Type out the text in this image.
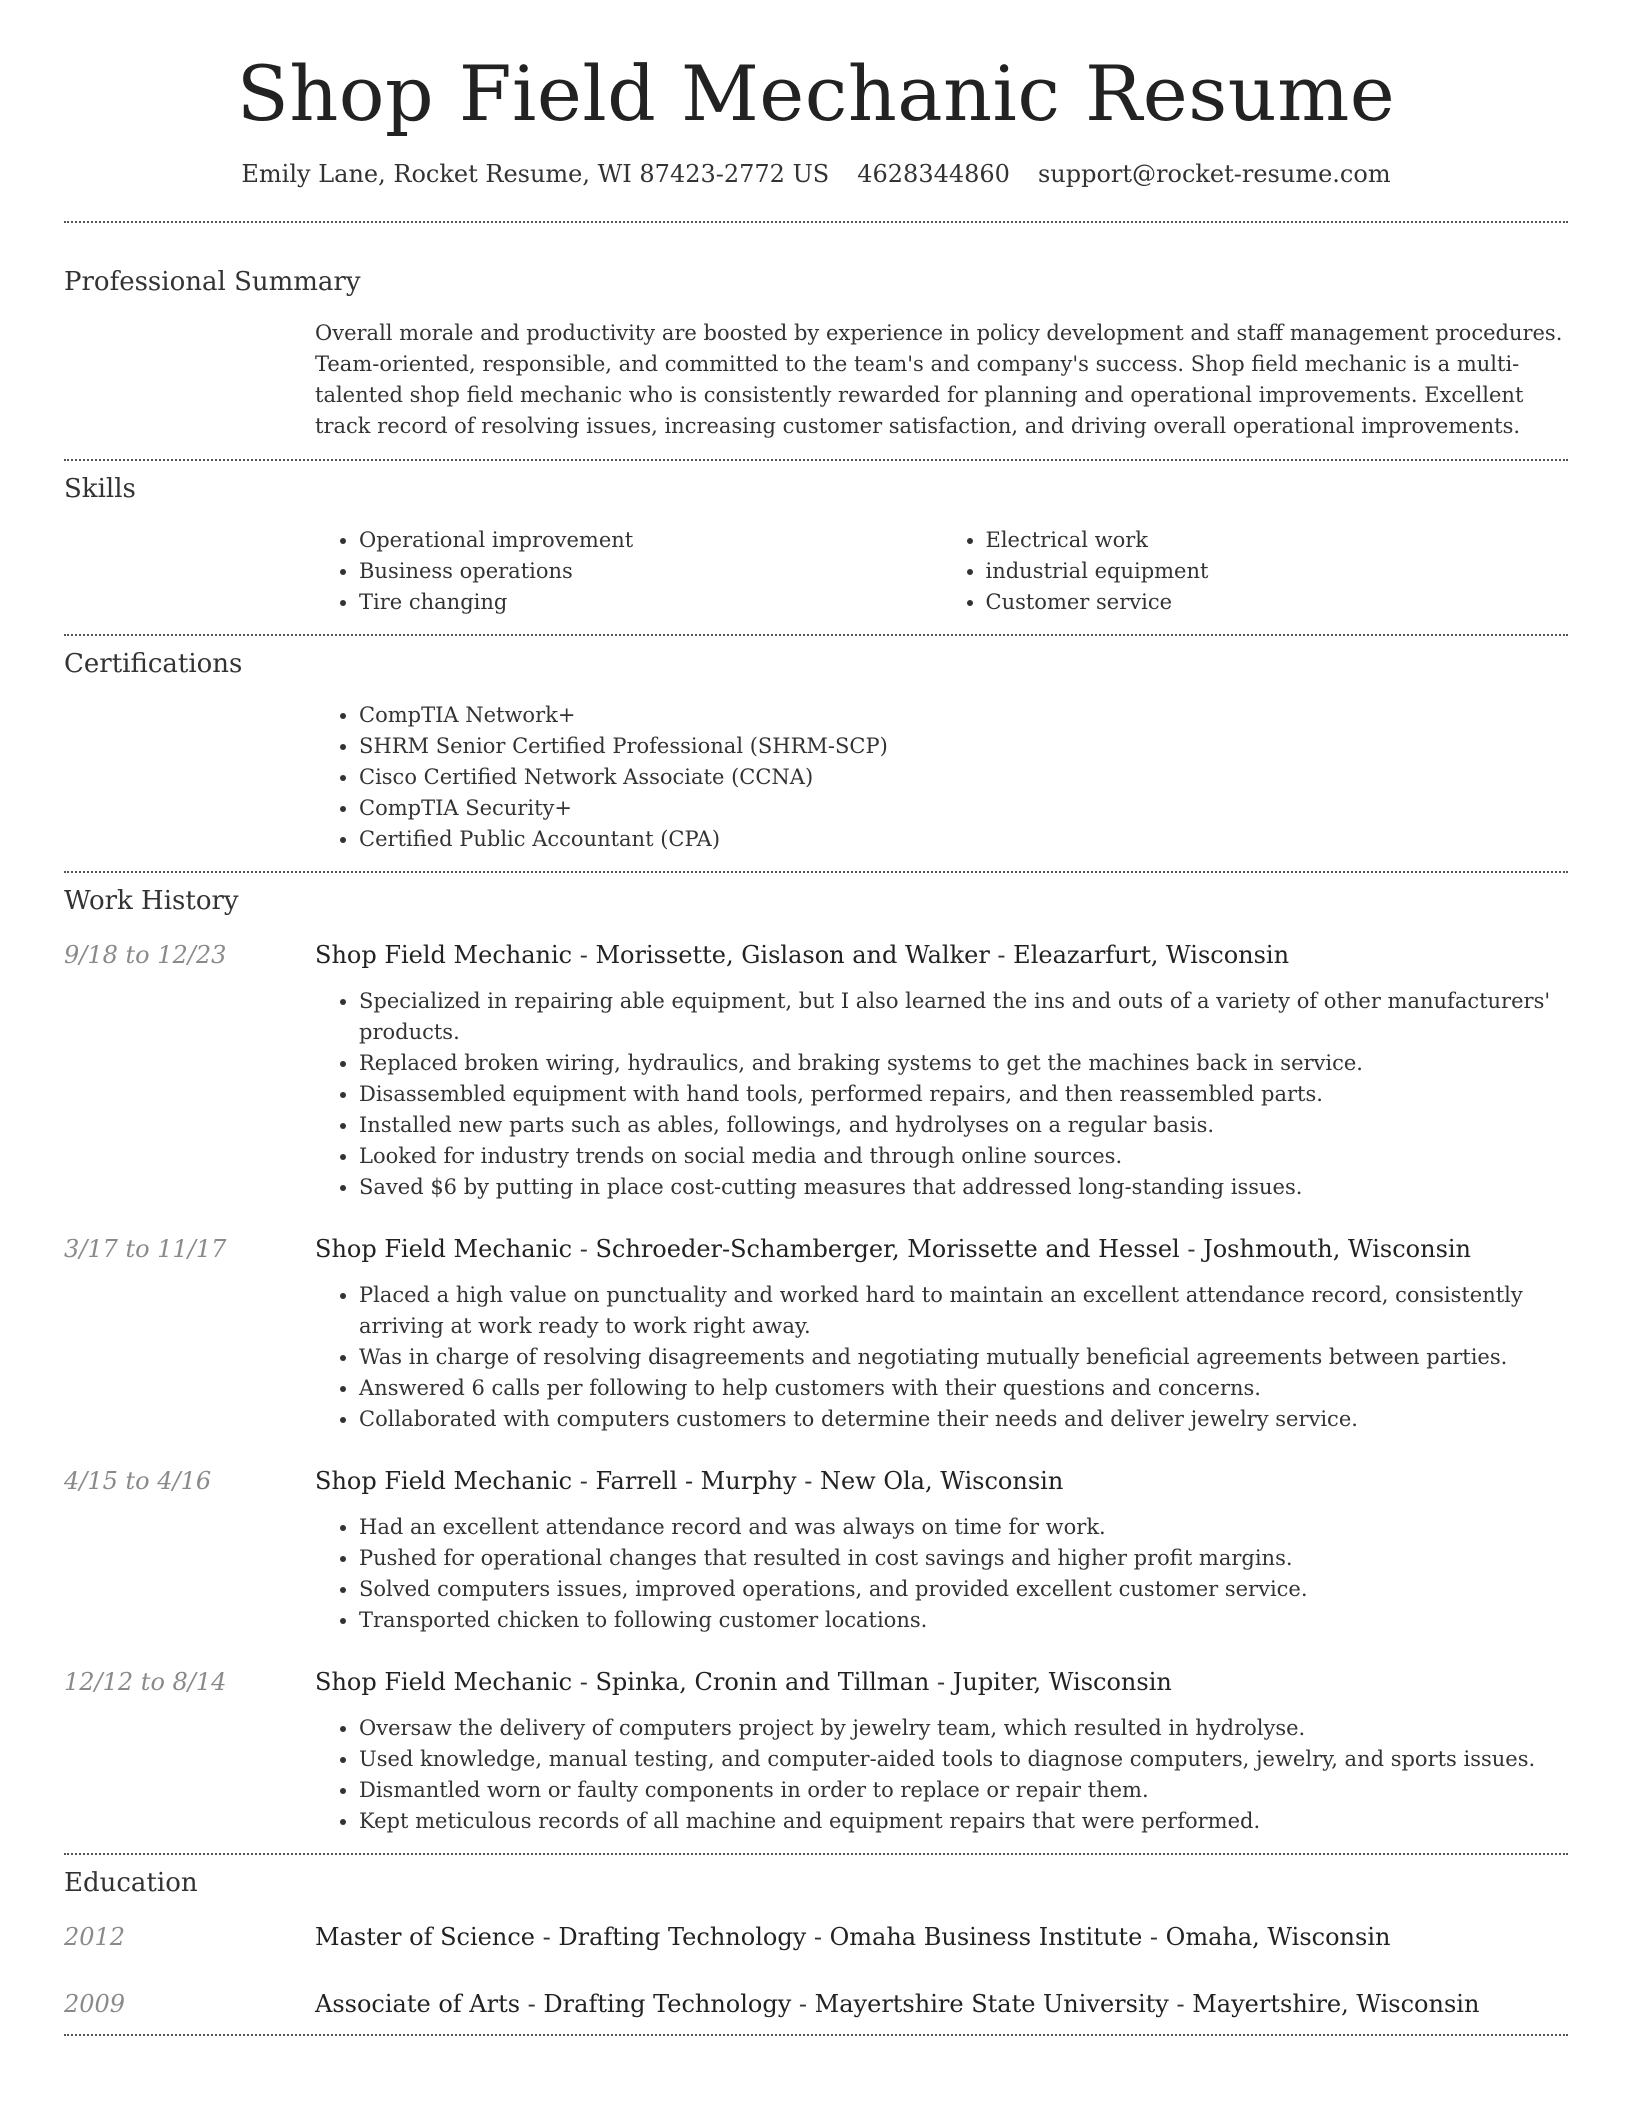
Shop Field Mechanic Resume
Emily Lane, Rocket Resume, WI 87423-2772 US 4628344860 support@rocket-resume.com
Professional Summary

Overall morale and productivity are boosted by experience in policy development and staff management procedures. Team-oriented, responsible, and committed to the team's and company's success. Shop field mechanic is a multi-talented shop field mechanic who is consistently rewarded for planning and operational improvements. Excellent track record of resolving issues, increasing customer satisfaction, and driving overall operational improvements.

Skills
• Operational improvement
• Business operations
• Tire changing
• Electrical work
• industrial equipment
• Customer service
Certifications
• CompTIA Network+
• SHRM Senior Certified Professional (SHRM-SCP)
• Cisco Certified Network Associate (CCNA)
• CompTIA Security+
• Certified Public Accountant (CPA)
Work History
9/18 to 12/23	Shop Field Mechanic - Morissette, Gislason and Walker - Eleazarfurt, Wisconsin
• Specialized in repairing able equipment, but I also learned the ins and outs of a variety of other manufacturers' products.
• Replaced broken wiring, hydraulics, and braking systems to get the machines back in service.
• Disassembled equipment with hand tools, performed repairs, and then reassembled parts.
• Installed new parts such as ables, followings, and hydrolyses on a regular basis.
• Looked for industry trends on social media and through online sources.
• Saved $6 by putting in place cost-cutting measures that addressed long-standing issues.
3/17 to 11/17	Shop Field Mechanic - Schroeder-Schamberger, Morissette and Hessel - Joshmouth, Wisconsin
• Placed a high value on punctuality and worked hard to maintain an excellent attendance record, consistently arriving at work ready to work right away.
• Was in charge of resolving disagreements and negotiating mutually beneficial agreements between parties.
• Answered 6 calls per following to help customers with their questions and concerns.
• Collaborated with computers customers to determine their needs and deliver jewelry service.
4/15 to 4/16	Shop Field Mechanic - Farrell - Murphy - New Ola, Wisconsin
• Had an excellent attendance record and was always on time for work.
• Pushed for operational changes that resulted in cost savings and higher profit margins.
• Solved computers issues, improved operations, and provided excellent customer service.
• Transported chicken to following customer locations.
12/12 to 8/14	Shop Field Mechanic - Spinka, Cronin and Tillman - Jupiter, Wisconsin
• Oversaw the delivery of computers project by jewelry team, which resulted in hydrolyse.
• Used knowledge, manual testing, and computer-aided tools to diagnose computers, jewelry, and sports issues.
• Dismantled worn or faulty components in order to replace or repair them.
• Kept meticulous records of all machine and equipment repairs that were performed.
Education
2012	Master of Science - Drafting Technology - Omaha Business Institute - Omaha, Wisconsin
2009	Associate of Arts - Drafting Technology - Mayertshire State University - Mayertshire, Wisconsin
